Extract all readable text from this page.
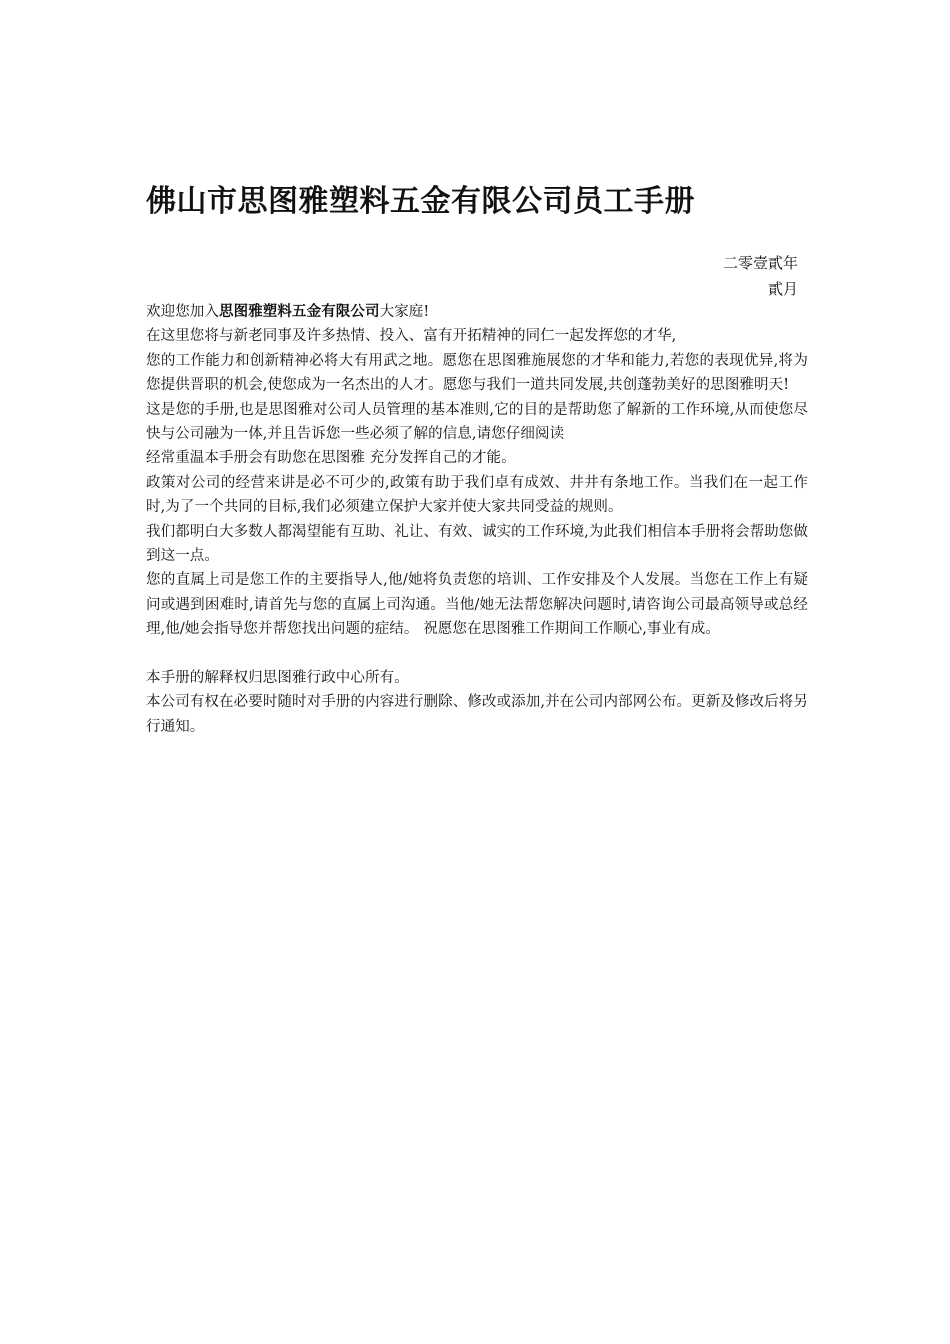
佛山市思图雅塑料五金有限公司员工手册
二零壹貳年
貳月

欢迎您加入思图雅塑料五金有限公司大家庭!

在这里您将与新老同事及许多热情、投入、富有开拓精神的同仁一起发挥您的才华,

您的工作能力和创新精神必将大有用武之地。愿您在思图雅施展您的才华和能力,若您的表现优异,将为您提供晋职的机会,使您成为一名杰出的人才。愿您与我们一道共同发展,共创蓬勃美好的思图雅明天!

这是您的手册,也是思图雅对公司人员管理的基本准则,它的目的是帮助您了解新的工作环境,从而使您尽快与公司融为一体,并且告诉您一些必须了解的信息,请您仔细阅读

经常重温本手册会有助您在思图雅 充分发挥自己的才能。

政策对公司的经营来讲是必不可少的,政策有助于我们卓有成效、井井有条地工作。当我们在一起工作时,为了一个共同的目标,我们必须建立保护大家并使大家共同受益的规则。

我们都明白大多数人都渴望能有互助、礼让、有效、诚实的工作环境,为此我们相信本手册将会帮助您做到这一点。

您的直属上司是您工作的主要指导人,他/她将负责您的培训、工作安排及个人发展。当您在工作上有疑问或遇到困难时,请首先与您的直属上司沟通。当他/她无法帮您解决问题时,请咨询公司最高领导或总经理,他/她会指导您并帮您找出问题的症结。 祝愿您在思图雅工作期间工作顺心,事业有成。

本手册的解释权归思图雅行政中心所有。

本公司有权在必要时随时对手册的内容进行删除、修改或添加,并在公司内部网公布。更新及修改后将另行通知。
